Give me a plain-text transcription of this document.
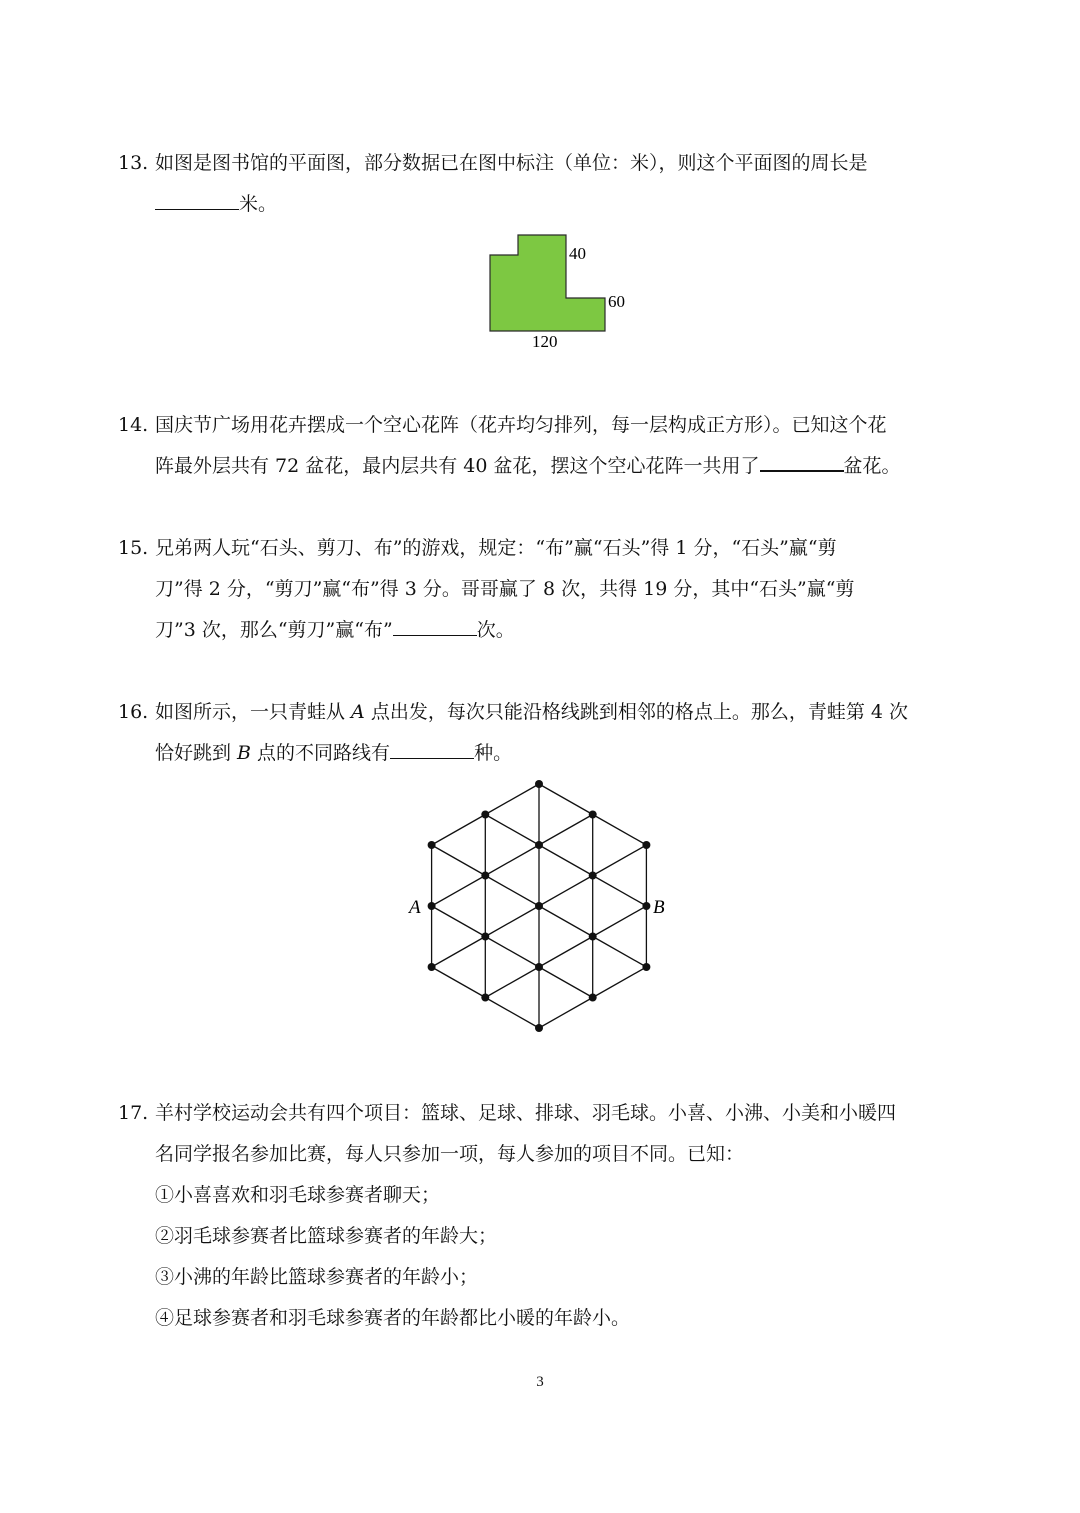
13. 如图是图书馆的平面图，部分数据已在图中标注（单位：米），则这个平面图的周长是
米。
40
60
120
14. 国庆节广场用花卉摆成一个空心花阵（花卉均匀排列，每一层构成正方形）。已知这个花
阵最外层共有 72 盆花，最内层共有 40 盆花，摆这个空心花阵一共用了	盆花。
15. 兄弟两人玩“石头、剪刀、布”的游戏，规定：“布”赢“石头”得 1 分，“石头”赢“剪
刀”得 2 分，“剪刀”赢“布”得 3 分。哥哥赢了 8 次，共得 19 分，其中“石头”赢“剪
刀”3 次，那么“剪刀”赢“布”	次。
16. 如图所示，一只青蛙从 A 点出发，每次只能沿格线跳到相邻的格点上。那么，青蛙第 4 次
恰好跳到 B 点的不同路线有	种。
A	B
17. 羊村学校运动会共有四个项目：篮球、足球、排球、羽毛球。小喜、小沸、小美和小暖四
名同学报名参加比赛，每人只参加一项，每人参加的项目不同。已知：
①小喜喜欢和羽毛球参赛者聊天；
②羽毛球参赛者比篮球参赛者的年龄大；
③小沸的年龄比篮球参赛者的年龄小；
④足球参赛者和羽毛球参赛者的年龄都比小暖的年龄小。
3
